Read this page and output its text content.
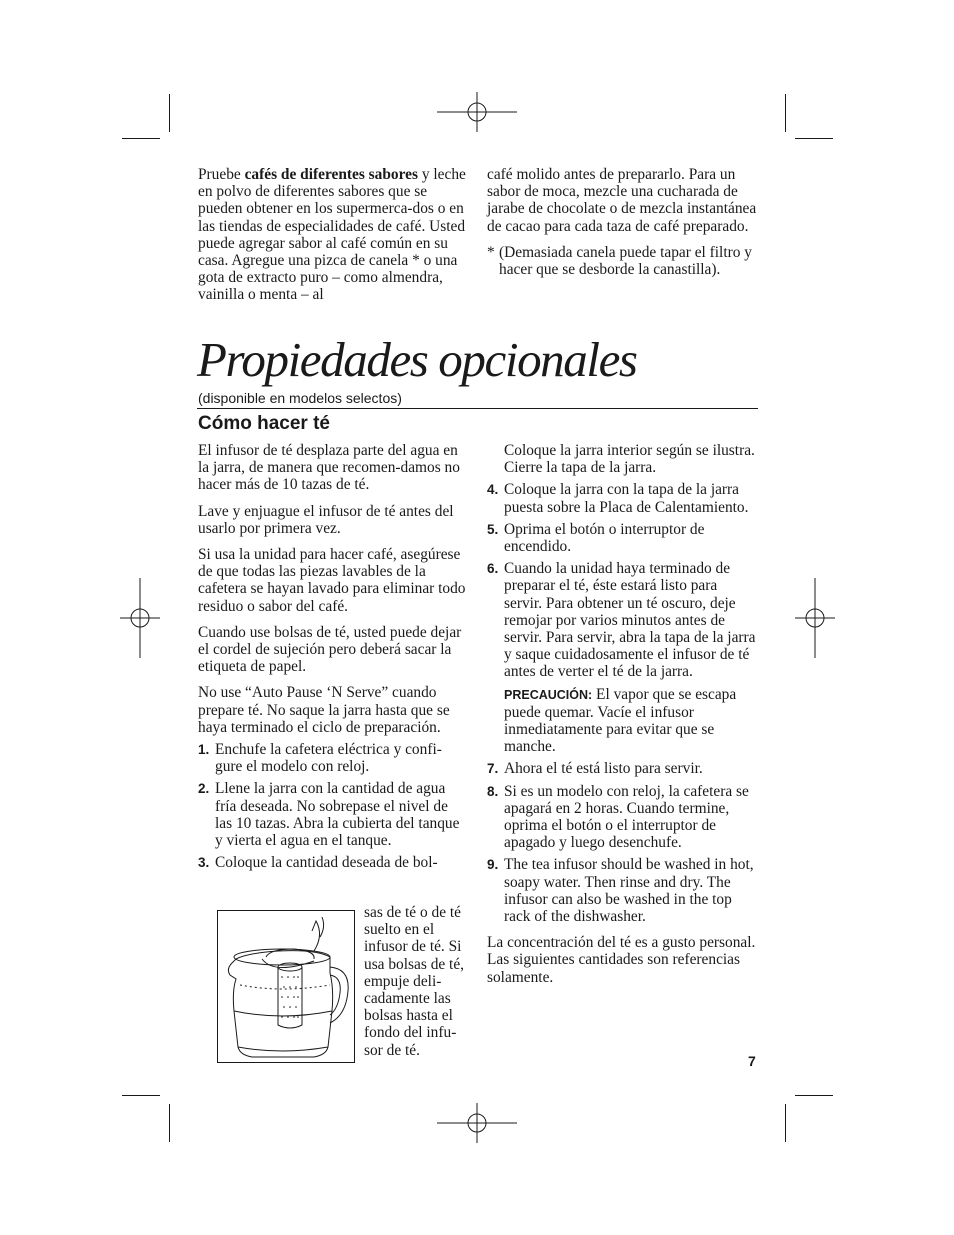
Pruebe cafés de diferentes sabores y leche en polvo de diferentes sabores que se pueden obtener en los supermerca-dos o en las tiendas de especialidades de café. Usted puede agregar sabor al café común en su casa. Agregue una pizca de canela * o una gota de extracto puro – como almendra, vainilla o menta – al

café molido antes de prepararlo. Para un sabor de moca, mezcle una cucharada de jarabe de chocolate o de mezcla instantánea de cacao para cada taza de café preparado.

* (Demasiada canela puede tapar el filtro y hacer que se desborde la canastilla).
Propiedades opcionales
(disponible en modelos selectos)
Cómo hacer té

El infusor de té desplaza parte del agua en la jarra, de manera que recomen-damos no hacer más de 10 tazas de té.

Lave y enjuague el infusor de té antes del usarlo por primera vez.

Si usa la unidad para hacer café, asegúrese de que todas las piezas lavables de la cafetera se hayan lavado para eliminar todo residuo o sabor del café.

Cuando use bolsas de té, usted puede dejar el cordel de sujeción pero deberá sacar la etiqueta de papel.

No use “Auto Pause ‘N Serve” cuando prepare té. No saque la jarra hasta que se haya terminado el ciclo de preparación.

1. Enchufe la cafetera eléctrica y confi-gure el modelo con reloj.
2. Llene la jarra con la cantidad de agua fría deseada. No sobrepase el nivel de las 10 tazas. Abra la cubierta del tanque y vierta el agua en el tanque.
3. Coloque la cantidad deseada de bol-
sas de té o de té suelto en el infusor de té. Si usa bolsas de té, empuje deli-cadamente las bolsas hasta el fondo del infu-sor de té.

Coloque la jarra interior según se ilustra. Cierre la tapa de la jarra.

4. Coloque la jarra con la tapa de la jarra puesta sobre la Placa de Calentamiento.
5. Oprima el botón o interruptor de encendido.
6. Cuando la unidad haya terminado de preparar el té, éste estará listo para servir. Para obtener un té oscuro, deje remojar por varios minutos antes de servir. Para servir, abra la tapa de la jarra y saque cuidadosamente el infusor de té antes de verter el té de la jarra.

PRECAUCIÓN: El vapor que se escapa puede quemar. Vacíe el infusor inmediatamente para evitar que se manche.

7. Ahora el té está listo para servir.
8. Si es un modelo con reloj, la cafetera se apagará en 2 horas. Cuando termine, oprima el botón o el interruptor de apagado y luego desenchufe.
9. The tea infusor should be washed in hot, soapy water. Then rinse and dry. The infusor can also be washed in the top rack of the dishwasher.

La concentración del té es a gusto personal. Las siguientes cantidades son referencias solamente.

7
